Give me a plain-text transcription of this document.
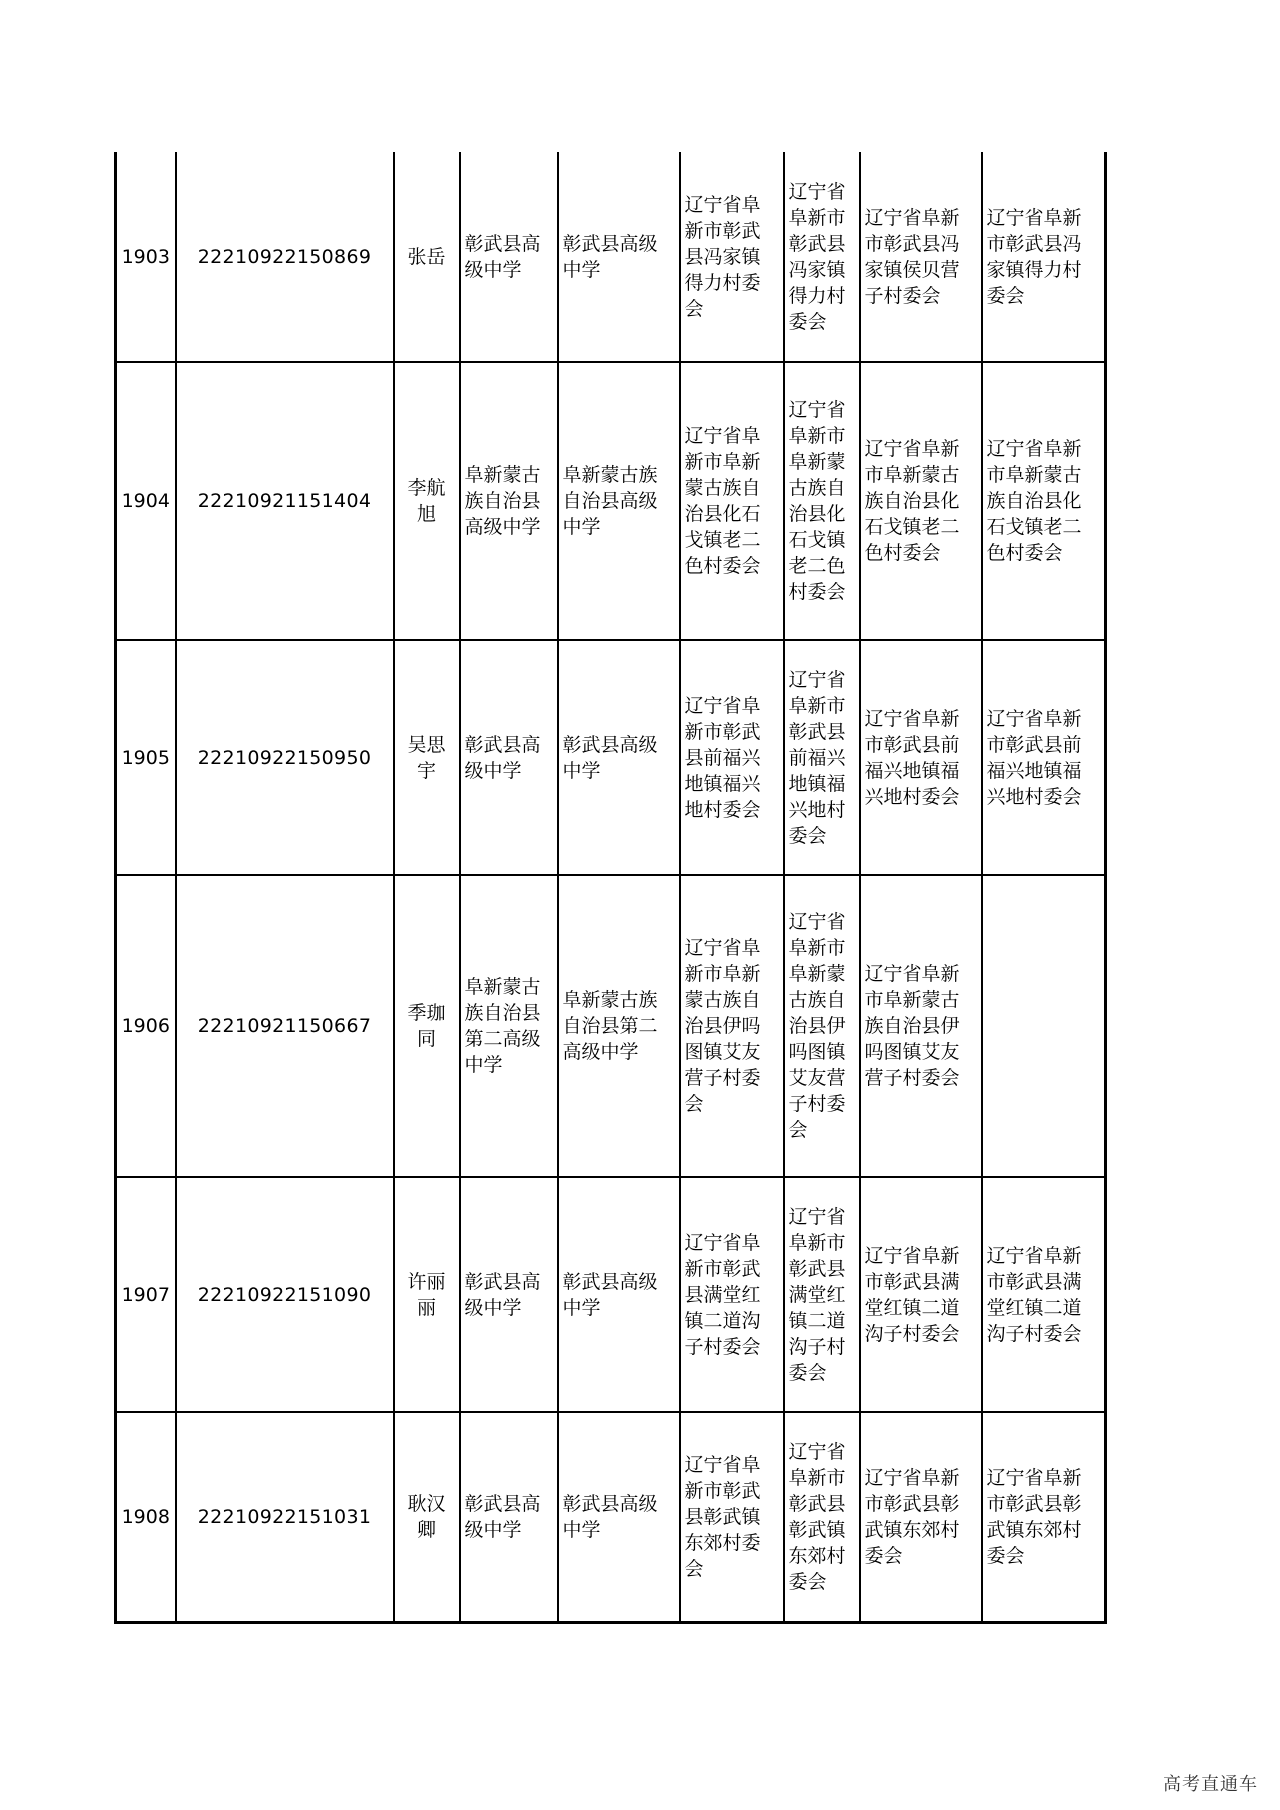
1903	22210922150869	张岳	彰武县高级中学	彰武县高级中学	辽宁省阜新市彰武县冯家镇得力村委会	辽宁省阜新市彰武县冯家镇得力村委会	辽宁省阜新市彰武县冯家镇侯贝营子村委会	辽宁省阜新市彰武县冯家镇得力村委会
1904	22210921151404	李航旭	阜新蒙古族自治县高级中学	阜新蒙古族自治县高级中学	辽宁省阜新市阜新蒙古族自治县化石戈镇老二色村委会	辽宁省阜新市阜新蒙古族自治县化石戈镇老二色村委会	辽宁省阜新市阜新蒙古族自治县化石戈镇老二色村委会	辽宁省阜新市阜新蒙古族自治县化石戈镇老二色村委会
1905	22210922150950	吴思宇	彰武县高级中学	彰武县高级中学	辽宁省阜新市彰武县前福兴地镇福兴地村委会	辽宁省阜新市彰武县前福兴地镇福兴地村委会	辽宁省阜新市彰武县前福兴地镇福兴地村委会	辽宁省阜新市彰武县前福兴地镇福兴地村委会
1906	22210921150667	季珈同	阜新蒙古族自治县第二高级中学	阜新蒙古族自治县第二高级中学	辽宁省阜新市阜新蒙古族自治县伊吗图镇艾友营子村委会	辽宁省阜新市阜新蒙古族自治县伊吗图镇艾友营子村委会	辽宁省阜新市阜新蒙古族自治县伊吗图镇艾友营子村委会	
1907	22210922151090	许丽丽	彰武县高级中学	彰武县高级中学	辽宁省阜新市彰武县满堂红镇二道沟子村委会	辽宁省阜新市彰武县满堂红镇二道沟子村委会	辽宁省阜新市彰武县满堂红镇二道沟子村委会	辽宁省阜新市彰武县满堂红镇二道沟子村委会
1908	22210922151031	耿汉卿	彰武县高级中学	彰武县高级中学	辽宁省阜新市彰武县彰武镇东郊村委会	辽宁省阜新市彰武县彰武镇东郊村委会	辽宁省阜新市彰武县彰武镇东郊村委会	辽宁省阜新市彰武县彰武镇东郊村委会
高考直通车
